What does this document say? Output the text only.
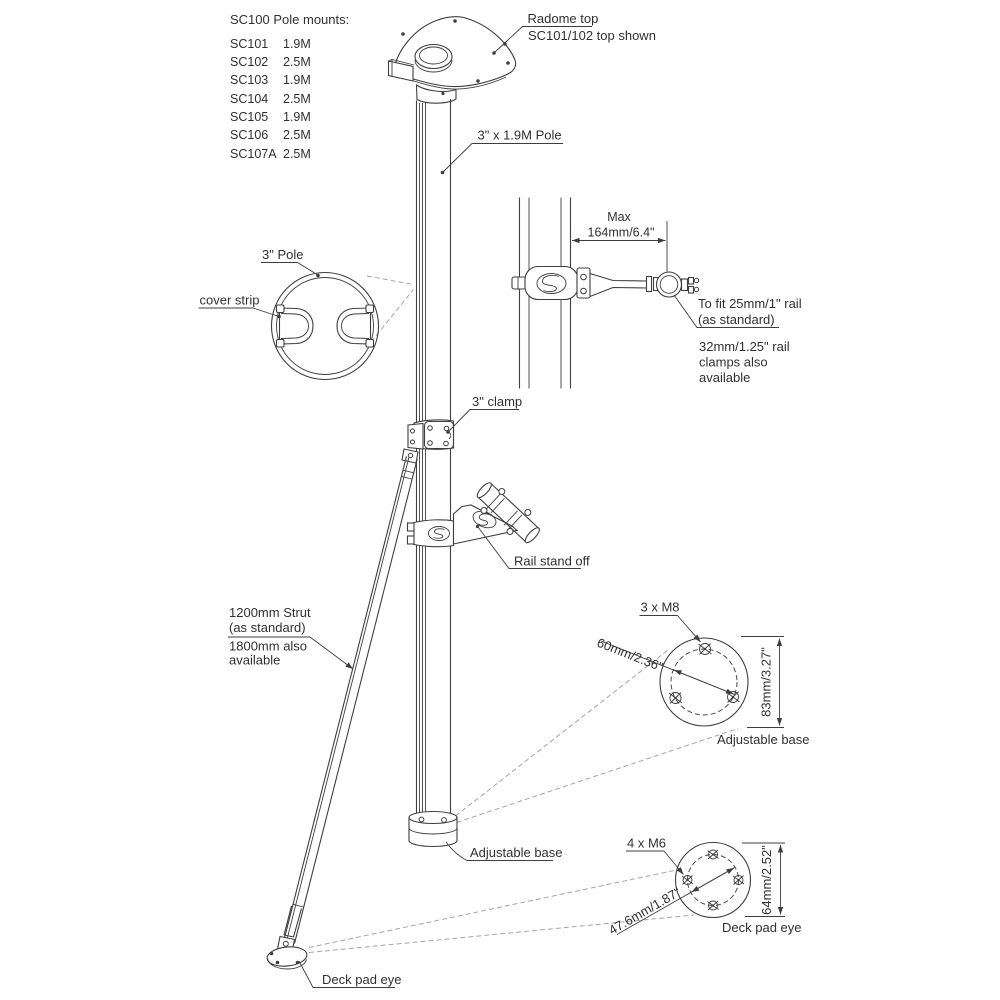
Max
164mm/6.4"
To fit 25mm/1" rail
(as standard)
32mm/1.25" rail
clamps also
available
3 x M8
60mm/2.36"	83mm/3.27"
Adjustable base
4 x M6
47.6mm/1.87"	64mm/2.52"
Deck pad eye
SC100 Pole mounts:
SC101 1.9M
SC102 2.5M
SC103 1.9M
SC104 2.5M
SC105 1.9M
SC106 2.5M
SC107A 2.5M
Radome top
SC101/102 top shown
3" x 1.9M Pole
3" Pole
cover strip
3" clamp
Rail stand off
1200mm Strut
(as standard)
1800mm also
available
Adjustable base
Deck pad eye
